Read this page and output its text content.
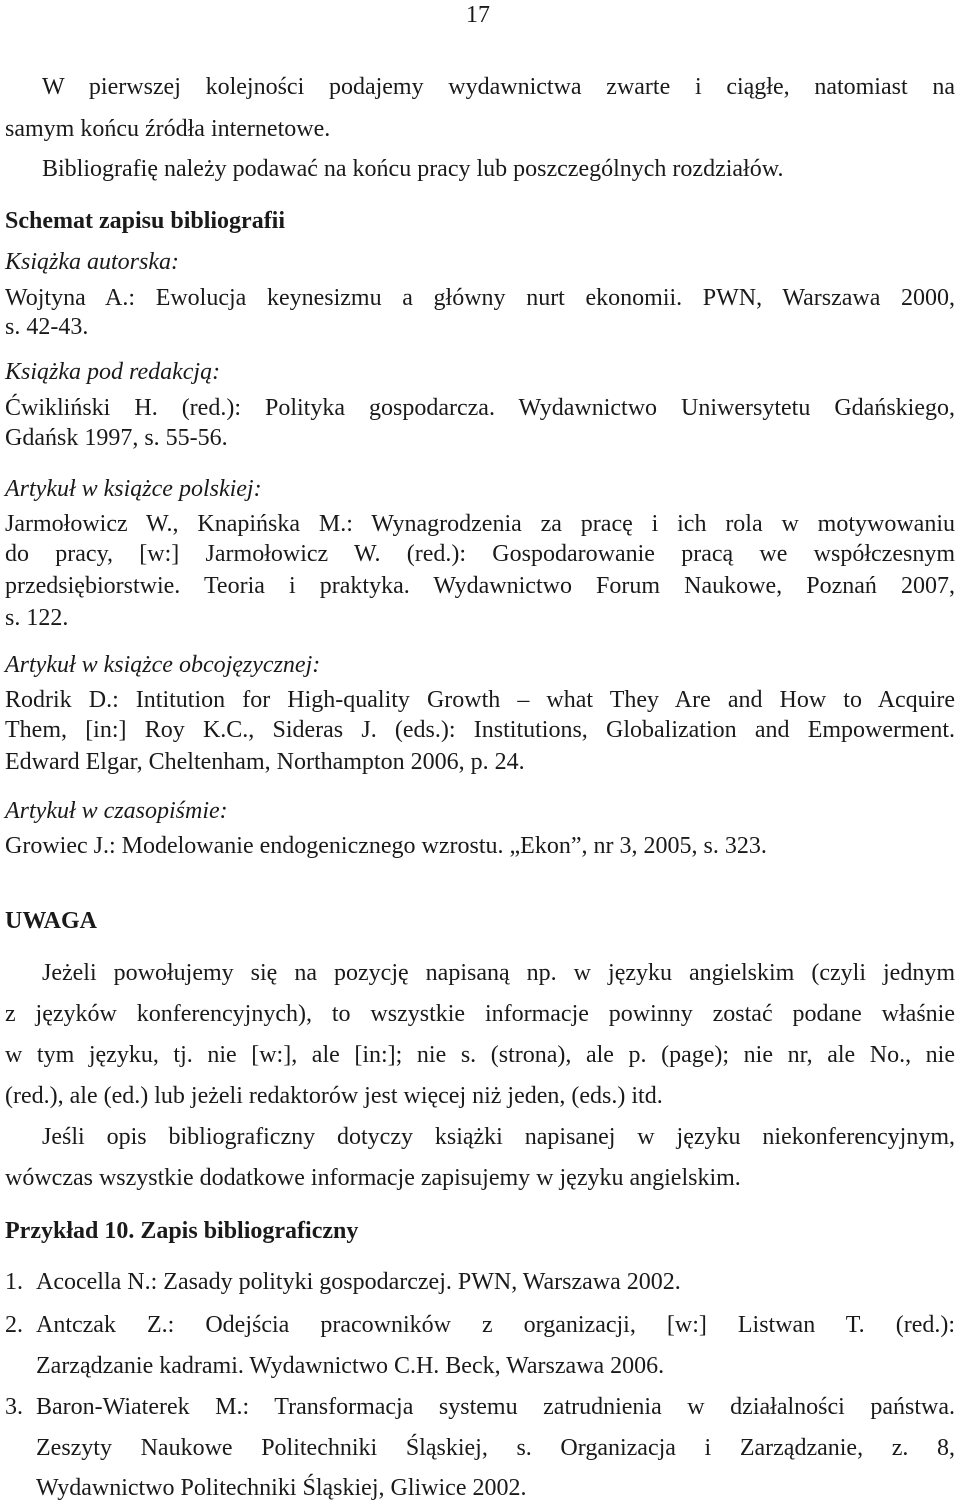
17
W pierwszej kolejności podajemy wydawnictwa zwarte i ciągłe, natomiast na
samym końcu źródła internetowe.
Bibliografię należy podawać na końcu pracy lub poszczególnych rozdziałów.
Schemat zapisu bibliografii
Książka autorska:
Wojtyna A.: Ewolucja keynesizmu a główny nurt ekonomii. PWN, Warszawa 2000,
s. 42-43.
Książka pod redakcją:
Ćwikliński H. (red.): Polityka gospodarcza. Wydawnictwo Uniwersytetu Gdańskiego,
Gdańsk 1997, s. 55-56.
Artykuł w książce polskiej:
Jarmołowicz W., Knapińska M.: Wynagrodzenia za pracę i ich rola w motywowaniu
do pracy, [w:] Jarmołowicz W. (red.): Gospodarowanie pracą we współczesnym
przedsiębiorstwie. Teoria i praktyka. Wydawnictwo Forum Naukowe, Poznań 2007,
s. 122.
Artykuł w książce obcojęzycznej:
Rodrik D.: Intitution for High-quality Growth – what They Are and How to Acquire
Them, [in:] Roy K.C., Sideras J. (eds.): Institutions, Globalization and Empowerment.
Edward Elgar, Cheltenham, Northampton 2006, p. 24.
Artykuł w czasopiśmie:
Growiec J.: Modelowanie endogenicznego wzrostu. „Ekon”, nr 3, 2005, s. 323.
UWAGA
Jeżeli powołujemy się na pozycję napisaną np. w języku angielskim (czyli jednym
z języków konferencyjnych), to wszystkie informacje powinny zostać podane właśnie
w tym języku, tj. nie [w:], ale [in:]; nie s. (strona), ale p. (page); nie nr, ale No., nie
(red.), ale (ed.) lub jeżeli redaktorów jest więcej niż jeden, (eds.) itd.
Jeśli opis bibliograficzny dotyczy książki napisanej w języku niekonferencyjnym,
wówczas wszystkie dodatkowe informacje zapisujemy w języku angielskim.
Przykład 10. Zapis bibliograficzny
1. Acocella N.: Zasady polityki gospodarczej. PWN, Warszawa 2002.
2. Antczak Z.: Odejścia pracowników z organizacji, [w:] Listwan T. (red.):
Zarządzanie kadrami. Wydawnictwo C.H. Beck, Warszawa 2006.
3. Baron-Wiaterek M.: Transformacja systemu zatrudnienia w działalności państwa.
Zeszyty Naukowe Politechniki Śląskiej, s. Organizacja i Zarządzanie, z. 8,
Wydawnictwo Politechniki Śląskiej, Gliwice 2002.
